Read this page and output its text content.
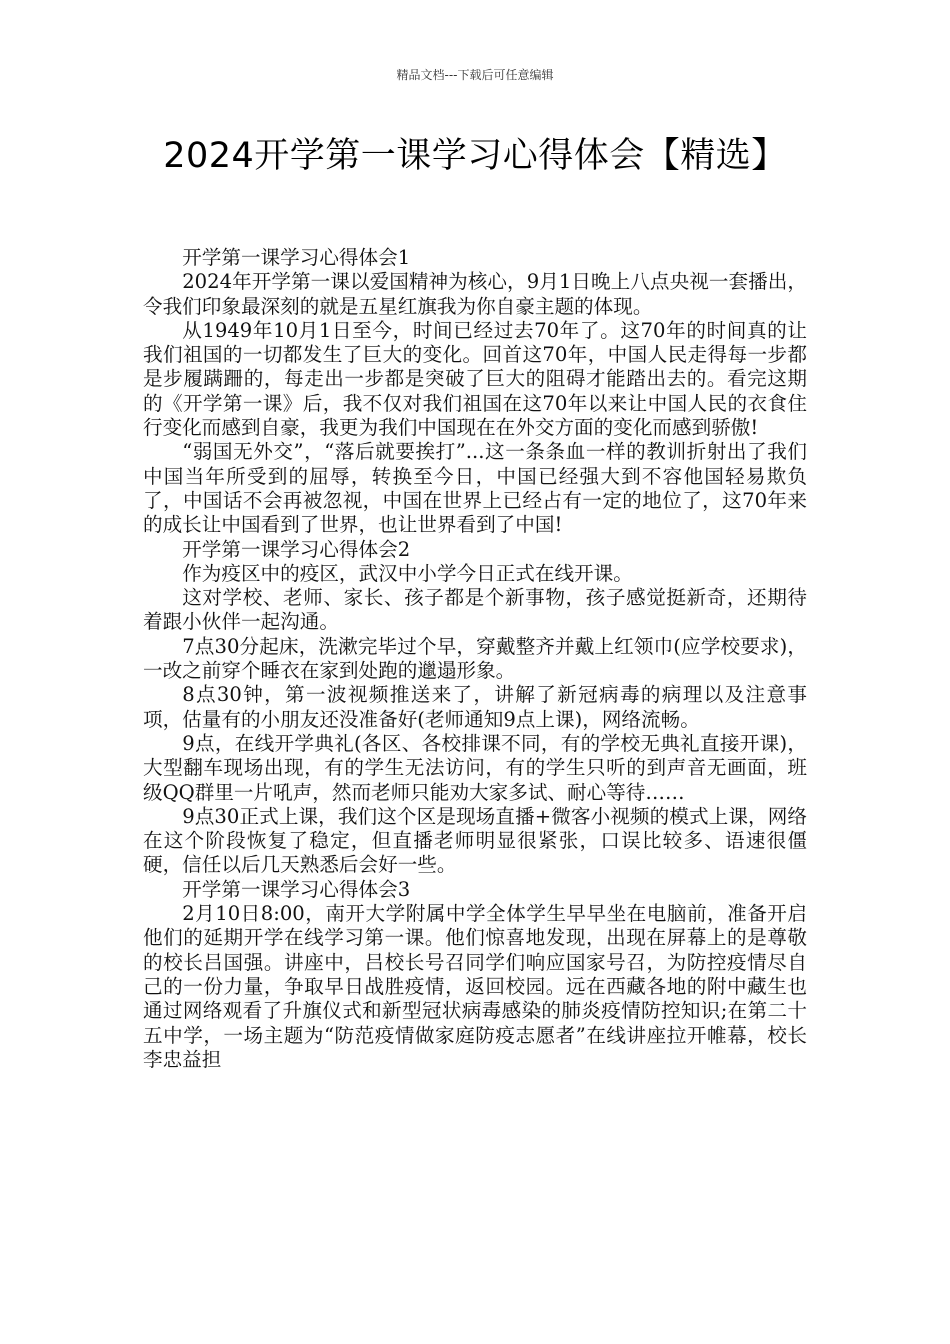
精品文档---下载后可任意编辑
2024开学第一课学习心得体会【精选】

开学第一课学习心得体会1

2024年开学第一课以爱国精神为核心，9月1日晚上八点央视一套播出，令我们印象最深刻的就是五星红旗我为你自豪主题的体现。

从1949年10月1日至今，时间已经过去70年了。这70年的时间真的让我们祖国的一切都发生了巨大的变化。回首这70年，中国人民走得每一步都是步履蹒跚的，每走出一步都是突破了巨大的阻碍才能踏出去的。看完这期的《开学第一课》后，我不仅对我们祖国在这70年以来让中国人民的衣食住行变化而感到自豪，我更为我们中国现在在外交方面的变化而感到骄傲!

“弱国无外交”，“落后就要挨打”...这一条条血一样的教训折射出了我们中国当年所受到的屈辱，转换至今日，中国已经强大到不容他国轻易欺负了，中国话不会再被忽视，中国在世界上已经占有一定的地位了，这70年来的成长让中国看到了世界，也让世界看到了中国!

开学第一课学习心得体会2

作为疫区中的疫区，武汉中小学今日正式在线开课。

这对学校、老师、家长、孩子都是个新事物，孩子感觉挺新奇，还期待着跟小伙伴一起沟通。

7点30分起床，洗漱完毕过个早，穿戴整齐并戴上红领巾(应学校要求)，一改之前穿个睡衣在家到处跑的邋遢形象。

8点30钟，第一波视频推送来了，讲解了新冠病毒的病理以及注意事项，估量有的小朋友还没准备好(老师通知9点上课)，网络流畅。

9点，在线开学典礼(各区、各校排课不同，有的学校无典礼直接开课)，大型翻车现场出现，有的学生无法访问，有的学生只听的到声音无画面，班级QQ群里一片吼声，然而老师只能劝大家多试、耐心等待……

9点30正式上课，我们这个区是现场直播+微客小视频的模式上课，网络在这个阶段恢复了稳定，但直播老师明显很紧张，口误比较多、语速很僵硬，信任以后几天熟悉后会好一些。

开学第一课学习心得体会3

2月10日8:00，南开大学附属中学全体学生早早坐在电脑前，准备开启他们的延期开学在线学习第一课。他们惊喜地发现，出现在屏幕上的是尊敬的校长吕国强。讲座中，吕校长号召同学们响应国家号召，为防控疫情尽自己的一份力量，争取早日战胜疫情，返回校园。远在西藏各地的附中藏生也通过网络观看了升旗仪式和新型冠状病毒感染的肺炎疫情防控知识;在第二十五中学，一场主题为“防范疫情做家庭防疫志愿者”在线讲座拉开帷幕，校长李忠益担
